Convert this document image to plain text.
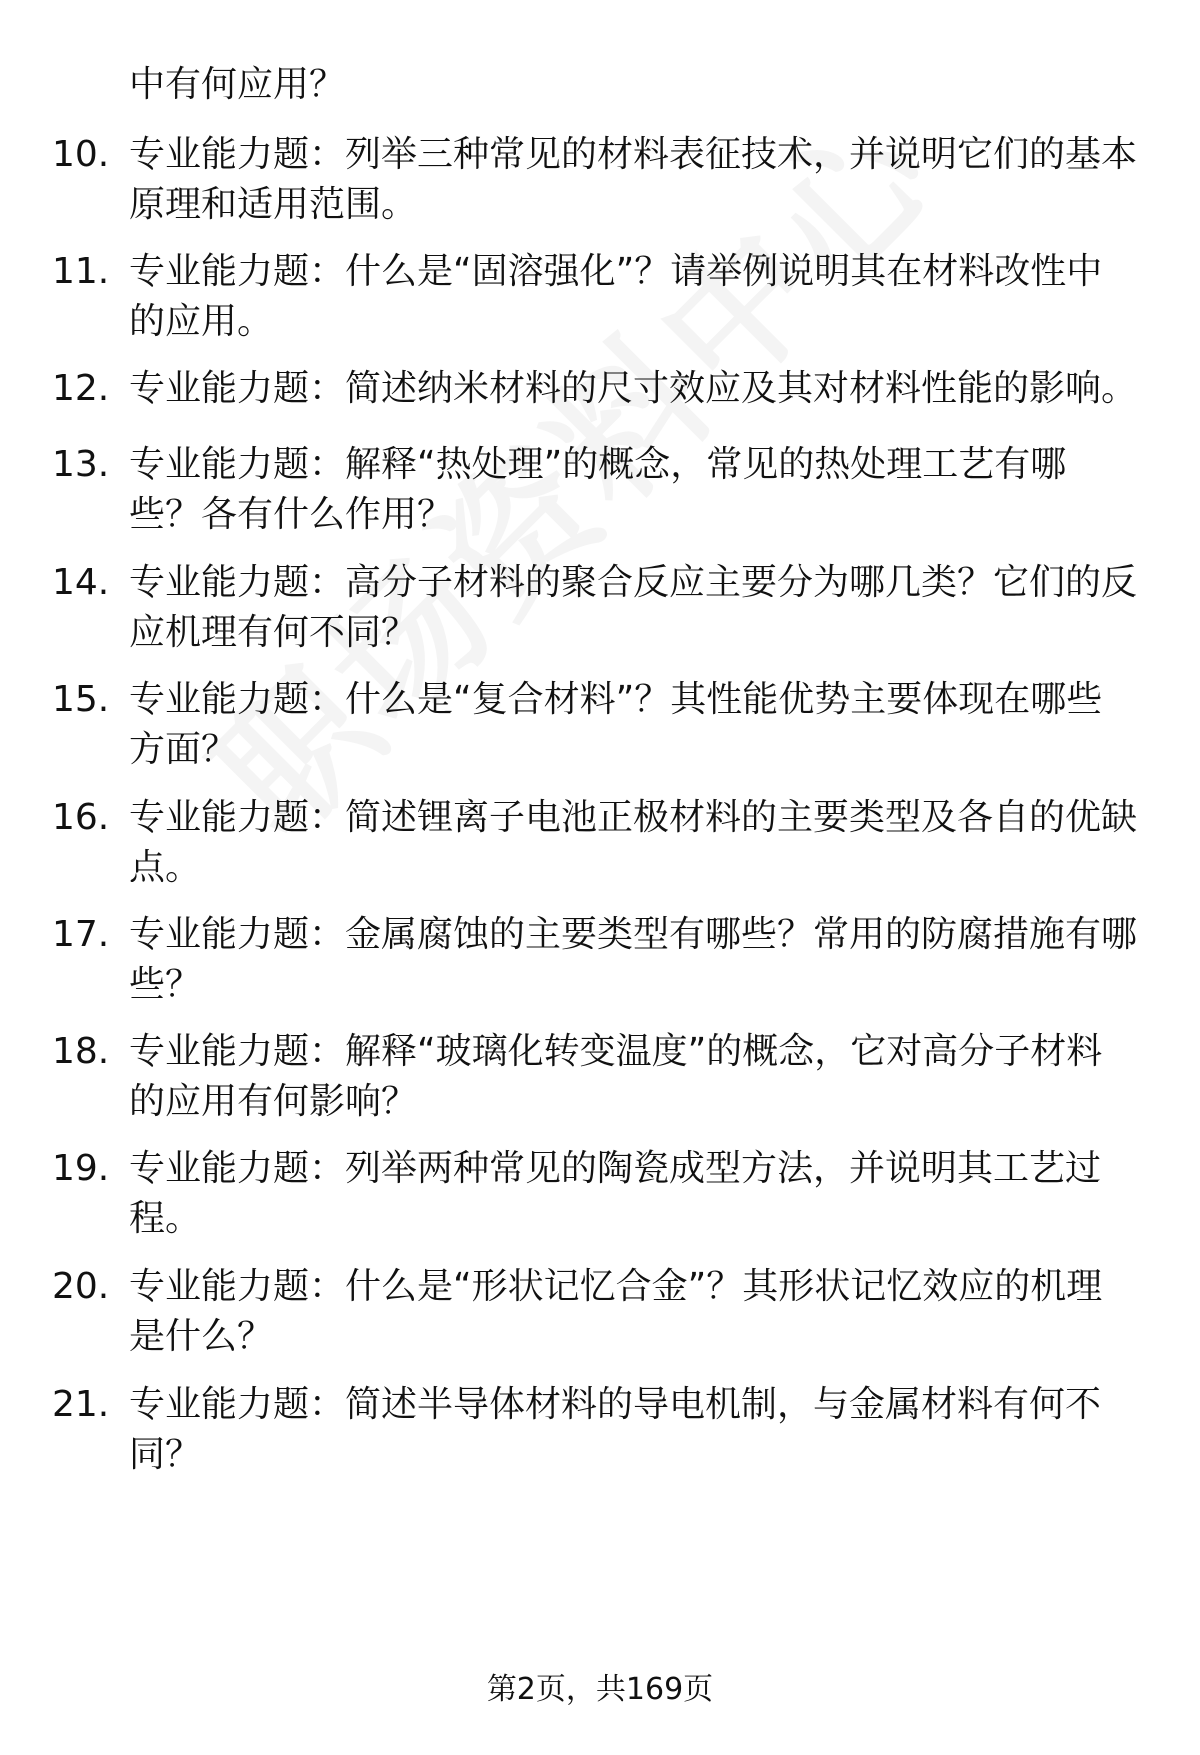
中有何应用？
10. 专业能力题：列举三种常见的材料表征技术，并说明它们的基本
原理和适用范围。
11. 专业能力题：什么是“固溶强化”？请举例说明其在材料改性中
的应用。
12. 专业能力题：简述纳米材料的尺寸效应及其对材料性能的影响。
13. 专业能力题：解释“热处理”的概念，常见的热处理工艺有哪
些？各有什么作用？
14. 专业能力题：高分子材料的聚合反应主要分为哪几类？它们的反
应机理有何不同？
15. 专业能力题：什么是“复合材料”？其性能优势主要体现在哪些
方面？
16. 专业能力题：简述锂离子电池正极材料的主要类型及各自的优缺
点。
17. 专业能力题：金属腐蚀的主要类型有哪些？常用的防腐措施有哪
些？
18. 专业能力题：解释“玻璃化转变温度”的概念，它对高分子材料
的应用有何影响？
19. 专业能力题：列举两种常见的陶瓷成型方法，并说明其工艺过
程。
20. 专业能力题：什么是“形状记忆合金”？其形状记忆效应的机理
是什么？
21. 专业能力题：简述半导体材料的导电机制，与金属材料有何不
同？
第2页，共169页
